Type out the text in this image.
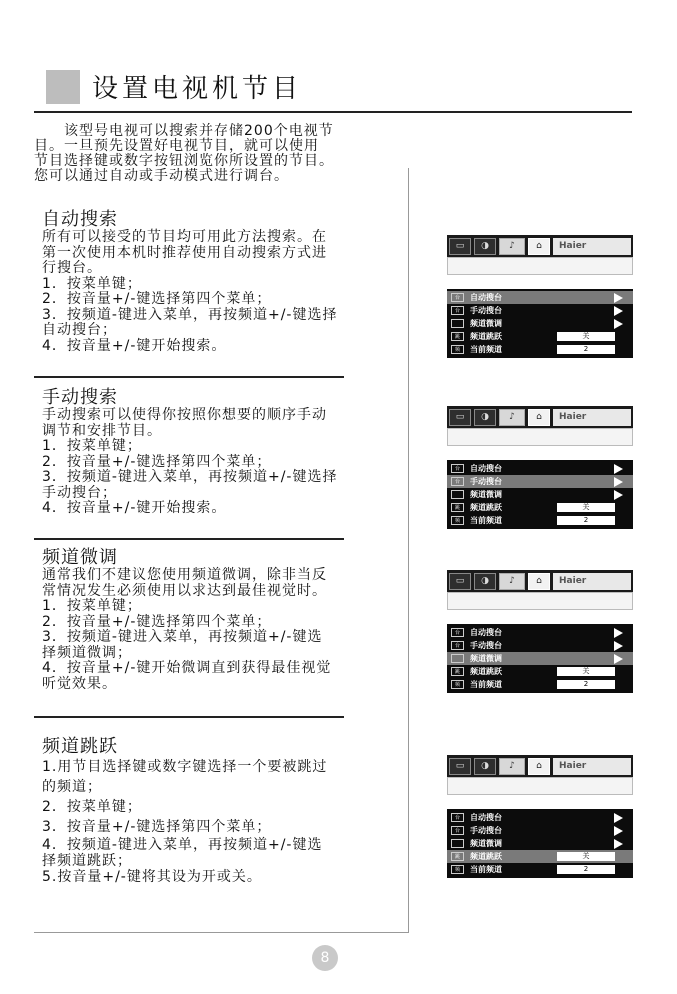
设置电视机节目

　　该型号电视可以搜索并存储200个电视节
目。一旦预先设置好电视节目，就可以使用
节目选择键或数字按钮浏览你所设置的节目。
您可以通过自动或手动模式进行调台。

自动搜索

所有可以接受的节目均可用此方法搜索。在
第一次使用本机时推荐使用自动搜索方式进
行搜台。
1．按菜单键；
2．按音量+/-键选择第四个菜单；
3．按频道-键进入菜单，再按频道+/-键选择
自动搜台；
4．按音量+/-键开始搜索。

手动搜索

手动搜索可以使得你按照你想要的顺序手动
调节和安排节目。
1．按菜单键；
2．按音量+/-键选择第四个菜单；
3．按频道-键进入菜单，再按频道+/-键选择
手动搜台；
4．按音量+/-键开始搜索。

频道微调

通常我们不建议您使用频道微调，除非当反
常情况发生必须使用以求达到最佳视觉时。
1．按菜单键；
2．按音量+/-键选择第四个菜单；
3．按频道-键进入菜单，再按频道+/-键选
择频道微调；
4．按音量+/-键开始微调直到获得最佳视觉
听觉效果。

频道跳跃

1.用节目选择键或数字键选择一个要被跳过
的频道；
2．按菜单键；
3．按音量+/-键选择第四个菜单；
4．按频道-键进入菜单，再按频道+/-键选
择频道跳跃；
5.按音量+/-键将其设为开或关。

▭	◑	♪	⌂	Haier
台	自动搜台
台	手动搜台
频道微调
跳	频道跳跃	关
频	当前频道	2
▭	◑	♪	⌂	Haier
台	自动搜台
台	手动搜台
频道微调
跳	频道跳跃	关
频	当前频道	2
▭	◑	♪	⌂	Haier
台	自动搜台
台	手动搜台
频道微调
跳	频道跳跃	关
频	当前频道	2
▭	◑	♪	⌂	Haier
台	自动搜台
台	手动搜台
频道微调
跳	频道跳跃	关
频	当前频道	2
8
